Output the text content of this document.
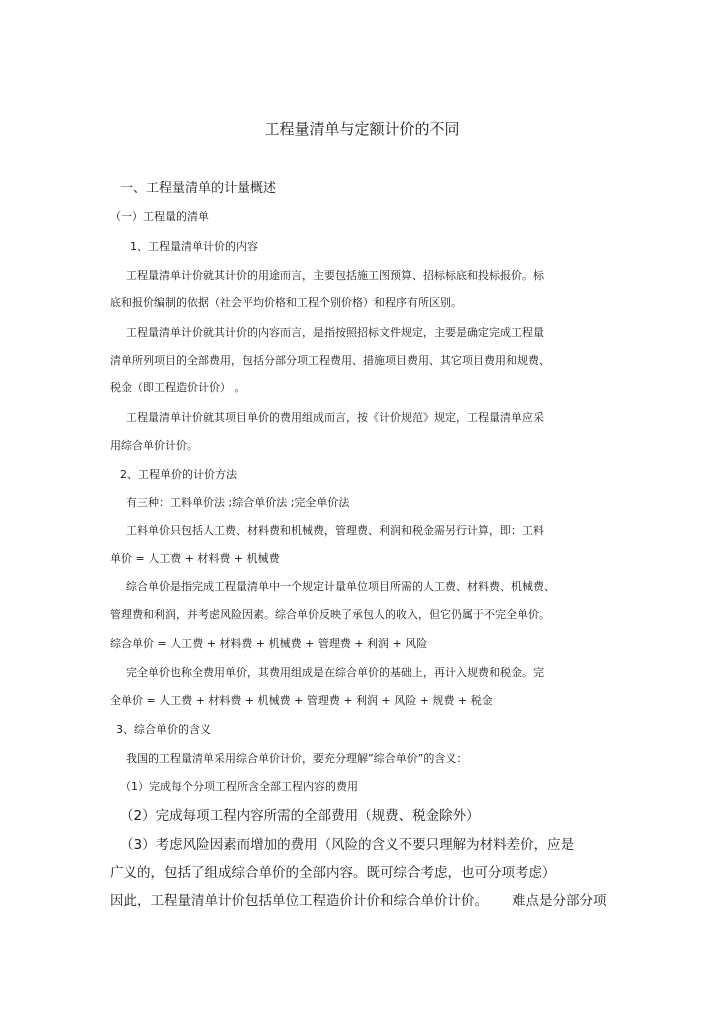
工程量清单与定额计价的不同
一、工程量清单的计量概述
（一）工程量的清单
1、工程量清单计价的内容
工程量清单计价就其计价的用途而言，主要包括施工图预算、招标标底和投标报价。标
底和报价编制的依据（社会平均价格和工程个别价格）和程序有所区别。
工程量清单计价就其计价的内容而言，是指按照招标文件规定，主要是确定完成工程量
清单所列项目的全部费用，包括分部分项工程费用、措施项目费用、其它项目费用和规费、
税金（即工程造价计价） 。
工程量清单计价就其项目单价的费用组成而言，按《计价规范》规定，工程量清单应采
用综合单价计价。
2、工程单价的计价方法
有三种：工料单价法 ;综合单价法 ;完全单价法
工料单价只包括人工费、材料费和机械费，管理费、利润和税金需另行计算，即：工料
单价 = 人工费 + 材料费 + 机械费
综合单价是指完成工程量清单中一个规定计量单位项目所需的人工费、材料费、机械费、
管理费和利润，并考虑风险因素。综合单价反映了承包人的收入，但它仍属于不完全单价。
综合单价 = 人工费 + 材料费 + 机械费 + 管理费 + 利润 + 风险
完全单价也称全费用单价，其费用组成是在综合单价的基础上，再计入规费和税金。完
全单价 = 人工费 + 材料费 + 机械费 + 管理费 + 利润 + 风险 + 规费 + 税金
3、综合单价的含义
我国的工程量清单采用综合单价计价，要充分理解”综合单价”的含义：
（1）完成每个分项工程所含全部工程内容的费用
（2）完成每项工程内容所需的全部费用（规费、税金除外）
（3）考虑风险因素而增加的费用（风险的含义不要只理解为材料差价，应是
广义的，包括了组成综合单价的全部内容。既可综合考虑，也可分项考虑）
因此，工程量清单计价包括单位工程造价计价和综合单价计价。 难点是分部分项
